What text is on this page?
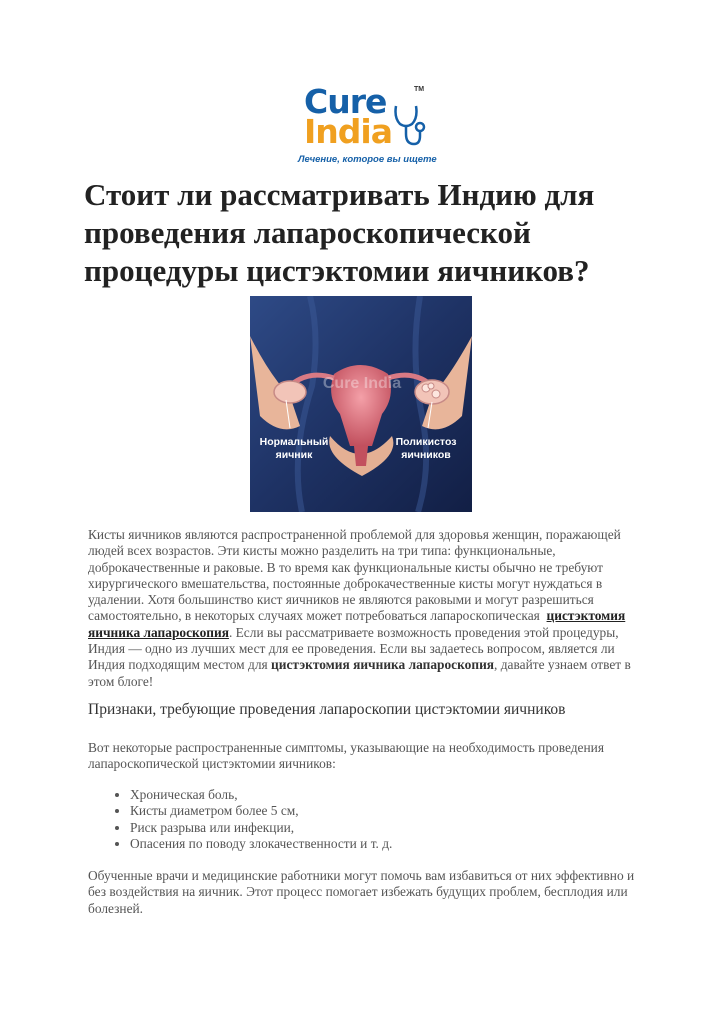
Cure
India
TM
Лечение, которое вы ищете
Стоит ли рассматривать Индию для проведения лапароскопической процедуры цистэктомии яичников?
Cure India
Нормальный яичник
Поликистоз яичников

Кисты яичников являются распространенной проблемой для здоровья женщин, поражающей людей всех возрастов. Эти кисты можно разделить на три типа: функциональные, доброкачественные и раковые. В то время как функциональные кисты обычно не требуют хирургического вмешательства, постоянные доброкачественные кисты могут нуждаться в удалении. Хотя большинство кист яичников не являются раковыми и могут разрешиться самостоятельно, в некоторых случаях может потребоваться лапароскопическая цистэктомия яичника лапароскопия. Если вы рассматриваете возможность проведения этой процедуры, Индия — одно из лучших мест для ее проведения. Если вы задаетесь вопросом, является ли Индия подходящим местом для цистэктомия яичника лапароскопия, давайте узнаем ответ в этом блоге!

Признаки, требующие проведения лапароскопии цистэктомии яичников

Вот некоторые распространенные симптомы, указывающие на необходимость проведения лапароскопической цистэктомии яичников:

• Хроническая боль,
• Кисты диаметром более 5 см,
• Риск разрыва или инфекции,
• Опасения по поводу злокачественности и т. д.

Обученные врачи и медицинские работники могут помочь вам избавиться от них эффективно и без воздействия на яичник. Этот процесс помогает избежать будущих проблем, бесплодия или болезней.
